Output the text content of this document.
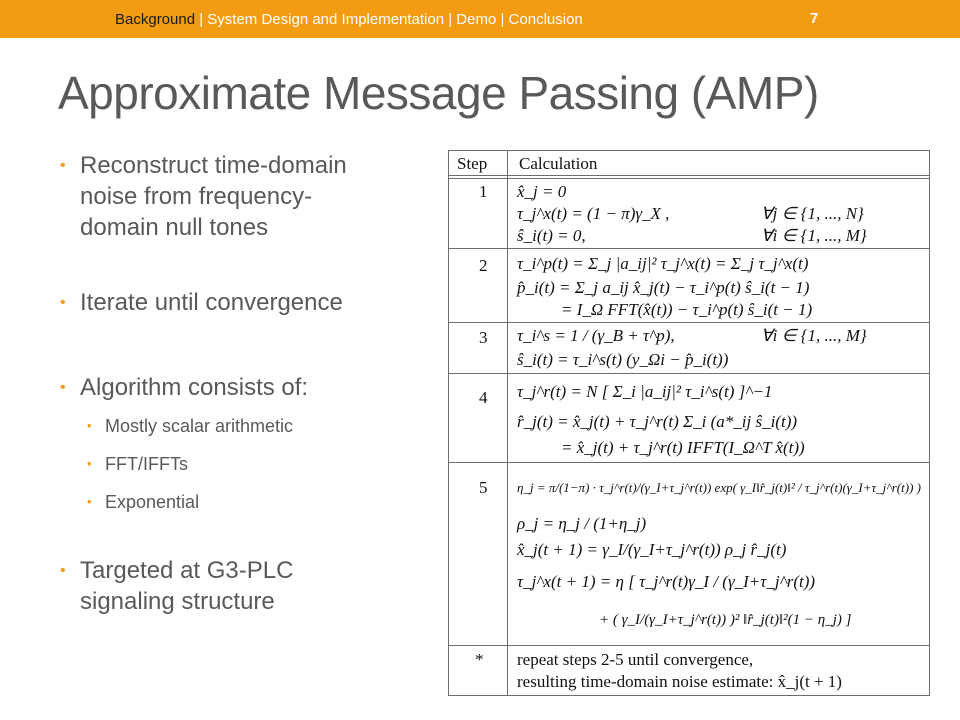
Background | System Design and Implementation | Demo | Conclusion	7
Approximate Message Passing (AMP)
• Reconstruct time-domain
noise from frequency-
domain null tones
• Iterate until convergence
• Algorithm consists of:
• Mostly scalar arithmetic
• FFT/IFFTs
• Exponential
• Targeted at G3-PLC
signaling structure
Step Calculation
1 x̂_j = 0
τ_j^x(t) = (1 − π)γ_X ,	∀j ∈ {1, ..., N}
ŝ_i(t) = 0,	∀i ∈ {1, ..., M}
2 τ_i^p(t) = Σ_j |a_ij|² τ_j^x(t) = Σ_j τ_j^x(t)
p̂_i(t) = Σ_j a_ij x̂_j(t) − τ_i^p(t) ŝ_i(t − 1)
= I_Ω FFT(x̂(t)) − τ_i^p(t) ŝ_i(t − 1)
3 τ_i^s = 1 / (γ_B + τ^p),	∀i ∈ {1, ..., M}
ŝ_i(t) = τ_i^s(t) (y_Ωi − p̂_i(t))
4 τ_j^r(t) = N [ Σ_i |a_ij|² τ_i^s(t) ]^−1
r̂_j(t) = x̂_j(t) + τ_j^r(t) Σ_i (a*_ij ŝ_i(t))
= x̂_j(t) + τ_j^r(t) IFFT(I_Ω^T x̂(t))
5 η_j = π/(1−π) · τ_j^r(t)/(γ_I+τ_j^r(t)) exp( γ_I‖r̂_j(t)‖² / τ_j^r(t)(γ_I+τ_j^r(t)) )
ρ_j = η_j / (1+η_j)
x̂_j(t + 1) = γ_I/(γ_I+τ_j^r(t)) ρ_j r̂_j(t)
τ_j^x(t + 1) = η [ τ_j^r(t)γ_I / (γ_I+τ_j^r(t))
+ ( γ_I/(γ_I+τ_j^r(t)) )² ‖r̂_j(t)‖²(1 − η_j) ]
* repeat steps 2-5 until convergence,
resulting time-domain noise estimate: x̂_j(t + 1)
